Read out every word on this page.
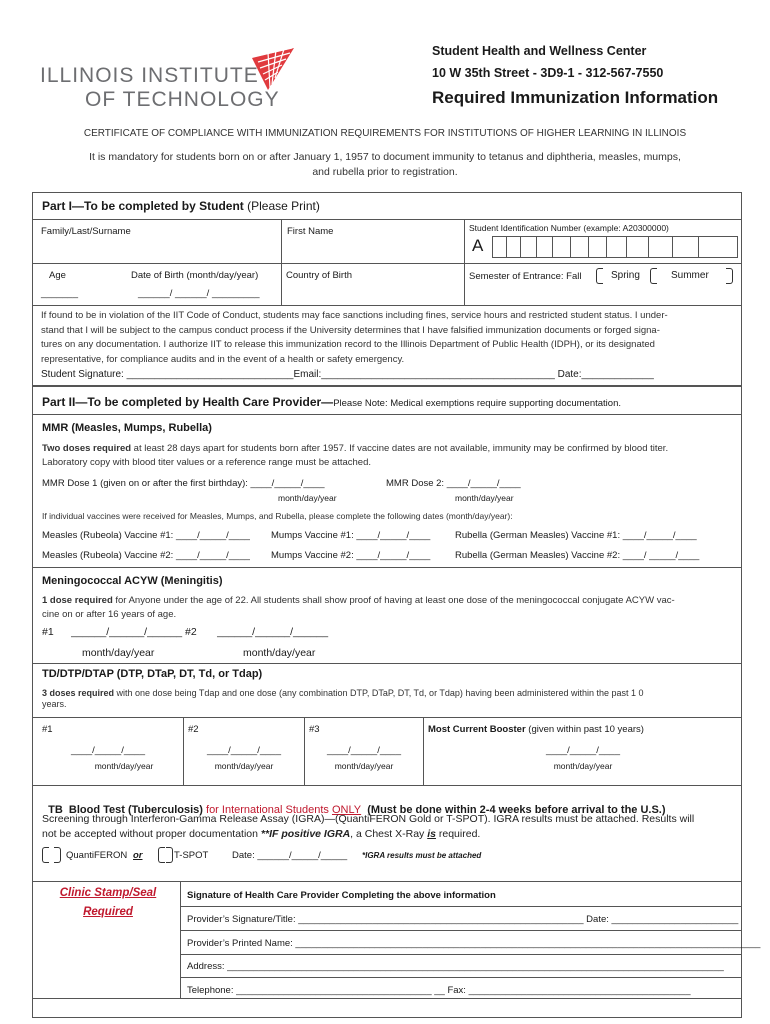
ILLINOIS INSTITUTE
OF TECHNOLOGY
Student Health and Wellness Center
10 W 35th Street - 3D9-1 - 312-567-7550
Required Immunization Information
CERTIFICATE OF COMPLIANCE WITH IMMUNIZATION REQUIREMENTS FOR INSTITUTIONS OF HIGHER LEARNING IN ILLINOIS
It is mandatory for students born on or after January 1, 1957 to document immunity to tetanus and diphtheria, measles, mumps,
and rubella prior to registration.
Part I—To be completed by Student (Please Print)
Family/Last/Surname	First Name	Student Identification Number (example: A20300000)
A
Age
_______
Date of Birth (month/day/year)
______/ ______/ _________
Country of Birth	Semester of Entrance: Fall	Spring	Summer
If found to be in violation of the IIT Code of Conduct, students may face sanctions including fines, service hours and restricted student status. I under-
stand that I will be subject to the campus conduct process if the University determines that I have falsified immunization documents or forged signa-
tures on any documentation. I authorize IIT to release this immunization record to the Illinois Department of Public Health (IDPH), or its designated
representative, for compliance audits and in the event of a health or safety emergency.
Student Signature: ______________________________Email:__________________________________________ Date:_____________
Part II—To be completed by Health Care Provider—Please Note: Medical exemptions require supporting documentation.
MMR (Measles, Mumps, Rubella)
Two doses required at least 28 days apart for students born after 1957. If vaccine dates are not available, immunity may be confirmed by blood titer.
Laboratory copy with blood titer values or a reference range must be attached.
MMR Dose 1 (given on or after the first birthday): ____/_____/____	MMR Dose 2: ____/_____/____
month/day/year	month/day/year
If individual vaccines were received for Measles, Mumps, and Rubella, please complete the following dates (month/day/year):
Measles (Rubeola) Vaccine #1: ____/_____/____ Mumps Vaccine #1: ____/_____/____	Rubella (German Measles) Vaccine #1: ____/_____/____
Measles (Rubeola) Vaccine #2: ____/_____/____ Mumps Vaccine #2: ____/_____/____	Rubella (German Measles) Vaccine #2: ____/ _____/____
Meningococcal ACYW (Meningitis)
1 dose required for Anyone under the age of 22. All students shall show proof of having at least one dose of the meningococcal conjugate ACYW vac-
cine on or after 16 years of age.
#1      ______/______/______ #2       ______/______/______
month/day/year	month/day/year
TD/DTP/DTAP (DTP, DTaP, DT, Td, or Tdap)
3 doses required with one dose being Tdap and one dose (any combination DTP, DTaP, DT, Td, or Tdap) having been administered within the past 1 0
years.
#1	#2	#3	Most Current Booster (given within past 10 years)
____/_____/____	____/_____/____	____/_____/____	____/_____/____
month/day/year	month/day/year	month/day/year	month/day/year

TB  Blood Test (Tuberculosis) for International Students ONLY  (Must be done within 2-4 weeks before arrival to the U.S.)

Screening through Interferon-Gamma Release Assay (IGRA)—(QuantiFERON Gold or T-SPOT). IGRA results must be attached. Results will
not be accepted without proper documentation **IF positive IGRA, a Chest X-Ray is required.
QuantiFERON or	T-SPOT Date: ______/_____/_____ *IGRA results must be attached
Clinic Stamp/Seal
Required
Signature of Health Care Provider Completing the above information
Provider’s Signature/Title: ______________________________________________________ Date: ________________________
Provider’s Printed Name: ________________________________________________________________________________________
Address: ______________________________________________________________________________________________
Telephone: _____________________________________ __ Fax: __________________________________________
